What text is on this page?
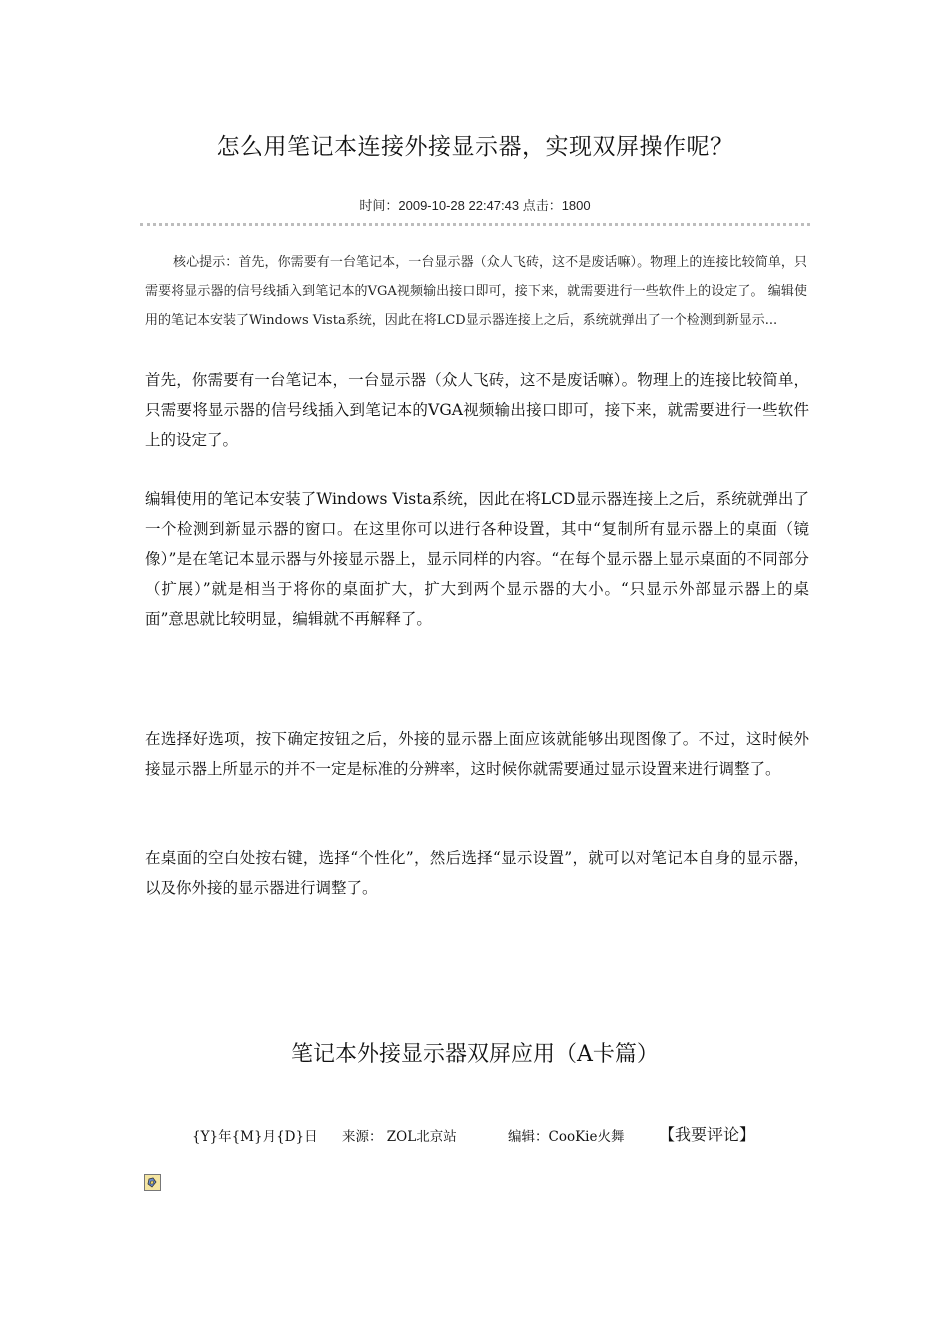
怎么用笔记本连接外接显示器，实现双屏操作呢？
时间：2009-10-28 22:47:43 点击：1800
核心提示：首先，你需要有一台笔记本，一台显示器（众人飞砖，这不是废话嘛）。物理上的连接比较简单，只需要将显示器的信号线插入到笔记本的VGA视频输出接口即可，接下来，就需要进行一些软件上的设定了。 编辑使用的笔记本安装了Windows Vista系统，因此在将LCD显示器连接上之后，系统就弹出了一个检测到新显示...
首先，你需要有一台笔记本，一台显示器（众人飞砖，这不是废话嘛）。物理上的连接比较简单，只需要将显示器的信号线插入到笔记本的VGA视频输出接口即可，接下来，就需要进行一些软件上的设定了。
编辑使用的笔记本安装了Windows Vista系统，因此在将LCD显示器连接上之后，系统就弹出了一个检测到新显示器的窗口。在这里你可以进行各种设置，其中“复制所有显示器上的桌面（镜像）”是在笔记本显示器与外接显示器上，显示同样的内容。“在每个显示器上显示桌面的不同部分（扩展）”就是相当于将你的桌面扩大，扩大到两个显示器的大小。“只显示外部显示器上的桌面”意思就比较明显，编辑就不再解释了。
在选择好选项，按下确定按钮之后，外接的显示器上面应该就能够出现图像了。不过，这时候外接显示器上所显示的并不一定是标准的分辨率，这时候你就需要通过显示设置来进行调整了。
在桌面的空白处按右键，选择“个性化”，然后选择“显示设置”，就可以对笔记本自身的显示器，以及你外接的显示器进行调整了。
笔记本外接显示器双屏应用（A卡篇）
{Y}年{M}月{D}日 来源： ZOL北京站	编辑：CooKie火舞 【我要评论】
